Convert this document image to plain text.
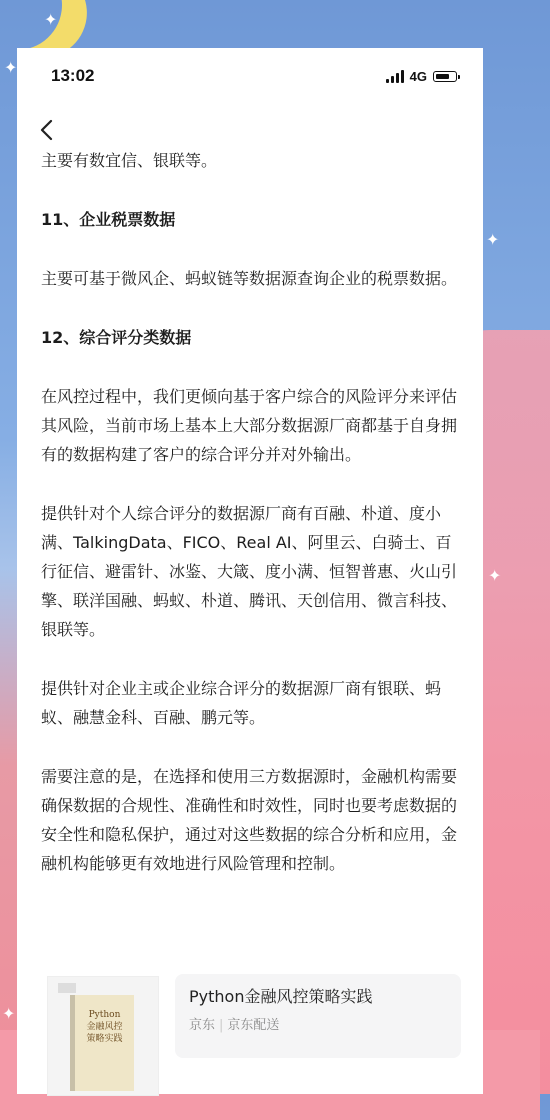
✦
✦
✦
✦
✦
13:02	4G

主要有数宜信、银联等。

11、企业税票数据

主要可基于微风企、蚂蚁链等数据源查询企业的税票数据。

12、综合评分类数据

在风控过程中，我们更倾向基于客户综合的风险评分来评估其风险，当前市场上基本上大部分数据源厂商都基于自身拥有的数据构建了客户的综合评分并对外输出。

提供针对个人综合评分的数据源厂商有百融、朴道、度小满、TalkingData、FICO、Real AI、阿里云、白骑士、百行征信、避雷针、冰鉴、大箴、度小满、恒智普惠、火山引擎、联洋国融、蚂蚁、朴道、腾讯、天创信用、微言科技、银联等。

提供针对企业主或企业综合评分的数据源厂商有银联、蚂蚁、融慧金科、百融、鹏元等。

需要注意的是，在选择和使用三方数据源时，金融机构需要确保数据的合规性、准确性和时效性，同时也要考虑数据的安全性和隐私保护，通过对这些数据的综合分析和应用，金融机构能够更有效地进行风险管理和控制。

Python
金融风控
策略实践
Python金融风控策略实践
京东 | 京东配送
